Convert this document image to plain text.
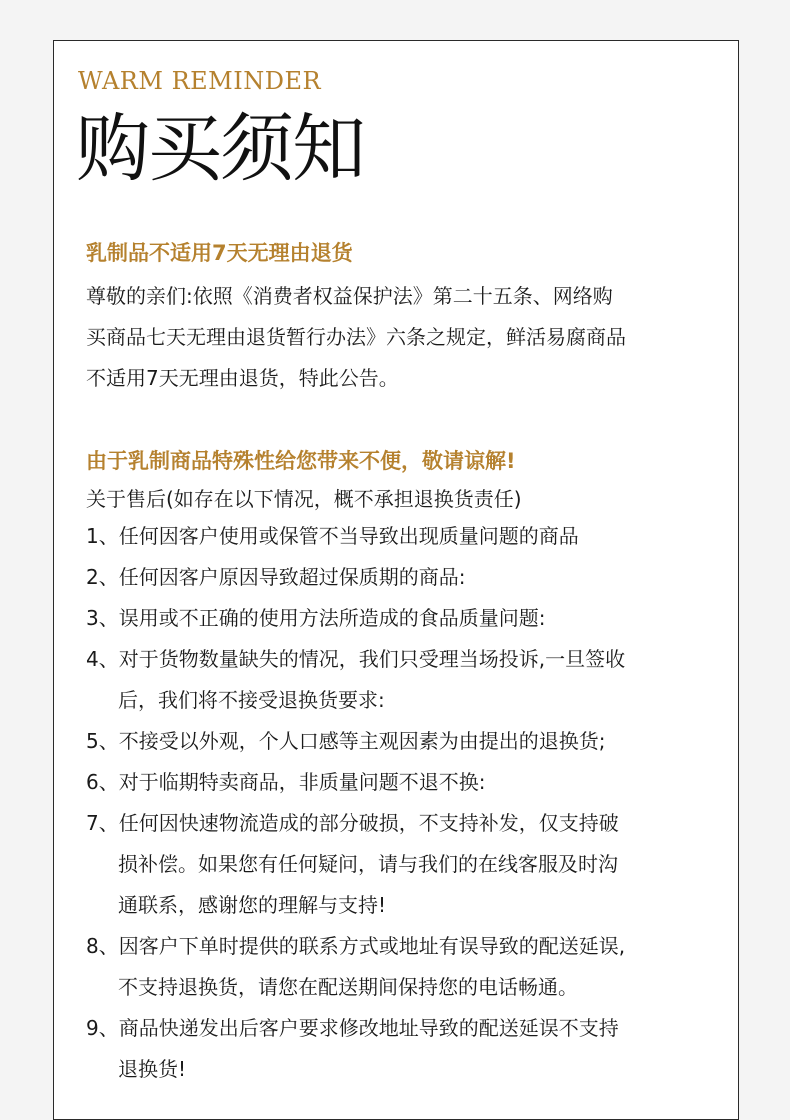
WARM REMINDER
购买须知
乳制品不适用7天无理由退货
尊敬的亲们:依照《消费者权益保护法》第二十五条、网络购
买商品七天无理由退货暂行办法》六条之规定，鲜活易腐商品
不适用7天无理由退货，特此公告。
由于乳制商品特殊性给您带来不便，敬请谅解!
关于售后(如存在以下情况，概不承担退换货责任)
1、任何因客户使用或保管不当导致出现质量问题的商品
2、任何因客户原因导致超过保质期的商品:
3、误用或不正确的使用方法所造成的食品质量问题:
4、对于货物数量缺失的情况，我们只受理当场投诉,一旦签收
后，我们将不接受退换货要求:
5、不接受以外观，个人口感等主观因素为由提出的退换货;
6、对于临期特卖商品，非质量问题不退不换:
7、任何因快速物流造成的部分破损，不支持补发，仅支持破
损补偿。如果您有任何疑问，请与我们的在线客服及时沟
通联系，感谢您的理解与支持!
8、因客户下单时提供的联系方式或地址有误导致的配送延误,
不支持退换货，请您在配送期间保持您的电话畅通。
9、商品快递发出后客户要求修改地址导致的配送延误不支持
退换货!
